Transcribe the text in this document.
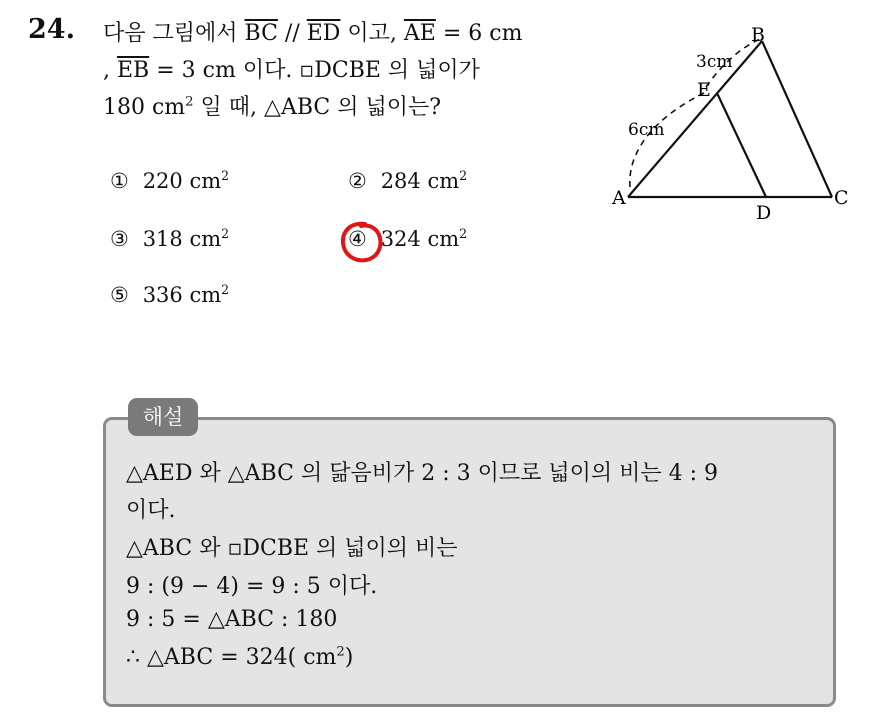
24. 다음 그림에서 $\overline{BC} // \overline{ED}$ 이고, $\overline{AE} = 6$ cm
, $\overline{EB} = 3$ cm 이다. ▫DCBE 의 넓이가
180 $cm^2$ 일 때, △ABC 의 넓이는?
① 220 $cm^2$	② 284 $cm^2$
③ 318 $cm^2$	④ 324 $cm^2$
⑤ 336 $cm^2$
A
B
C
D
E
6cm
3cm
해설
△AED 와 △ABC 의 닮음비가 2 : 3 이므로 넓이의 비는 4 : 9
이다.
△ABC 와 ▫DCBE 의 넓이의 비는
9 : (9 − 4) = 9 : 5 이다.
9 : 5 = △ABC : 180
∴ △ABC = 324( $cm^2$)
